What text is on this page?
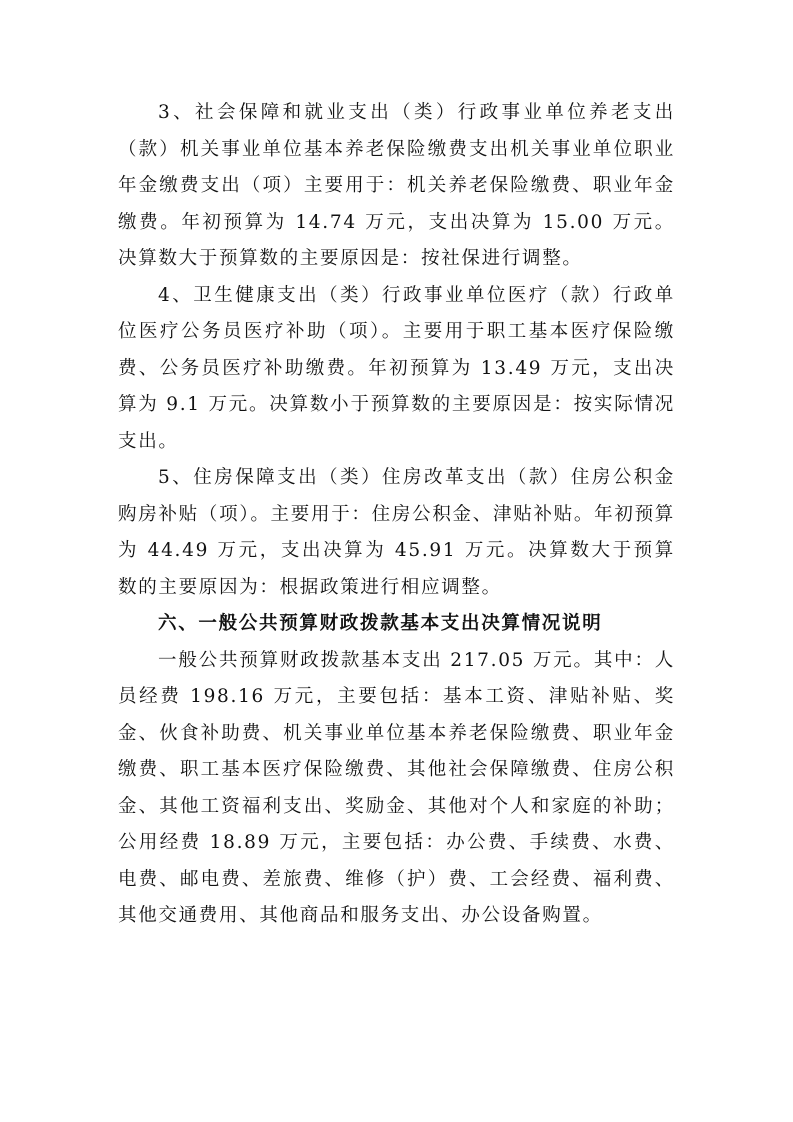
3、社会保障和就业支出（类）行政事业单位养老支出（款）机关事业单位基本养老保险缴费支出机关事业单位职业年金缴费支出（项）主要用于：机关养老保险缴费、职业年金缴费。年初预算为 14.74 万元，支出决算为 15.00 万元。决算数大于预算数的主要原因是：按社保进行调整。

4、卫生健康支出（类）行政事业单位医疗（款）行政单位医疗公务员医疗补助（项）。主要用于职工基本医疗保险缴费、公务员医疗补助缴费。年初预算为 13.49 万元，支出决算为 9.1 万元。决算数小于预算数的主要原因是：按实际情况支出。

5、住房保障支出（类）住房改革支出（款）住房公积金购房补贴（项）。主要用于：住房公积金、津贴补贴。年初预算为 44.49 万元，支出决算为 45.91 万元。决算数大于预算数的主要原因为：根据政策进行相应调整。

六、一般公共预算财政拨款基本支出决算情况说明

一般公共预算财政拨款基本支出 217.05 万元。其中：人员经费 198.16 万元，主要包括：基本工资、津贴补贴、奖金、伙食补助费、机关事业单位基本养老保险缴费、职业年金缴费、职工基本医疗保险缴费、其他社会保障缴费、住房公积金、其他工资福利支出、奖励金、其他对个人和家庭的补助；公用经费 18.89 万元，主要包括：办公费、手续费、水费、电费、邮电费、差旅费、维修（护）费、工会经费、福利费、其他交通费用、其他商品和服务支出、办公设备购置。
